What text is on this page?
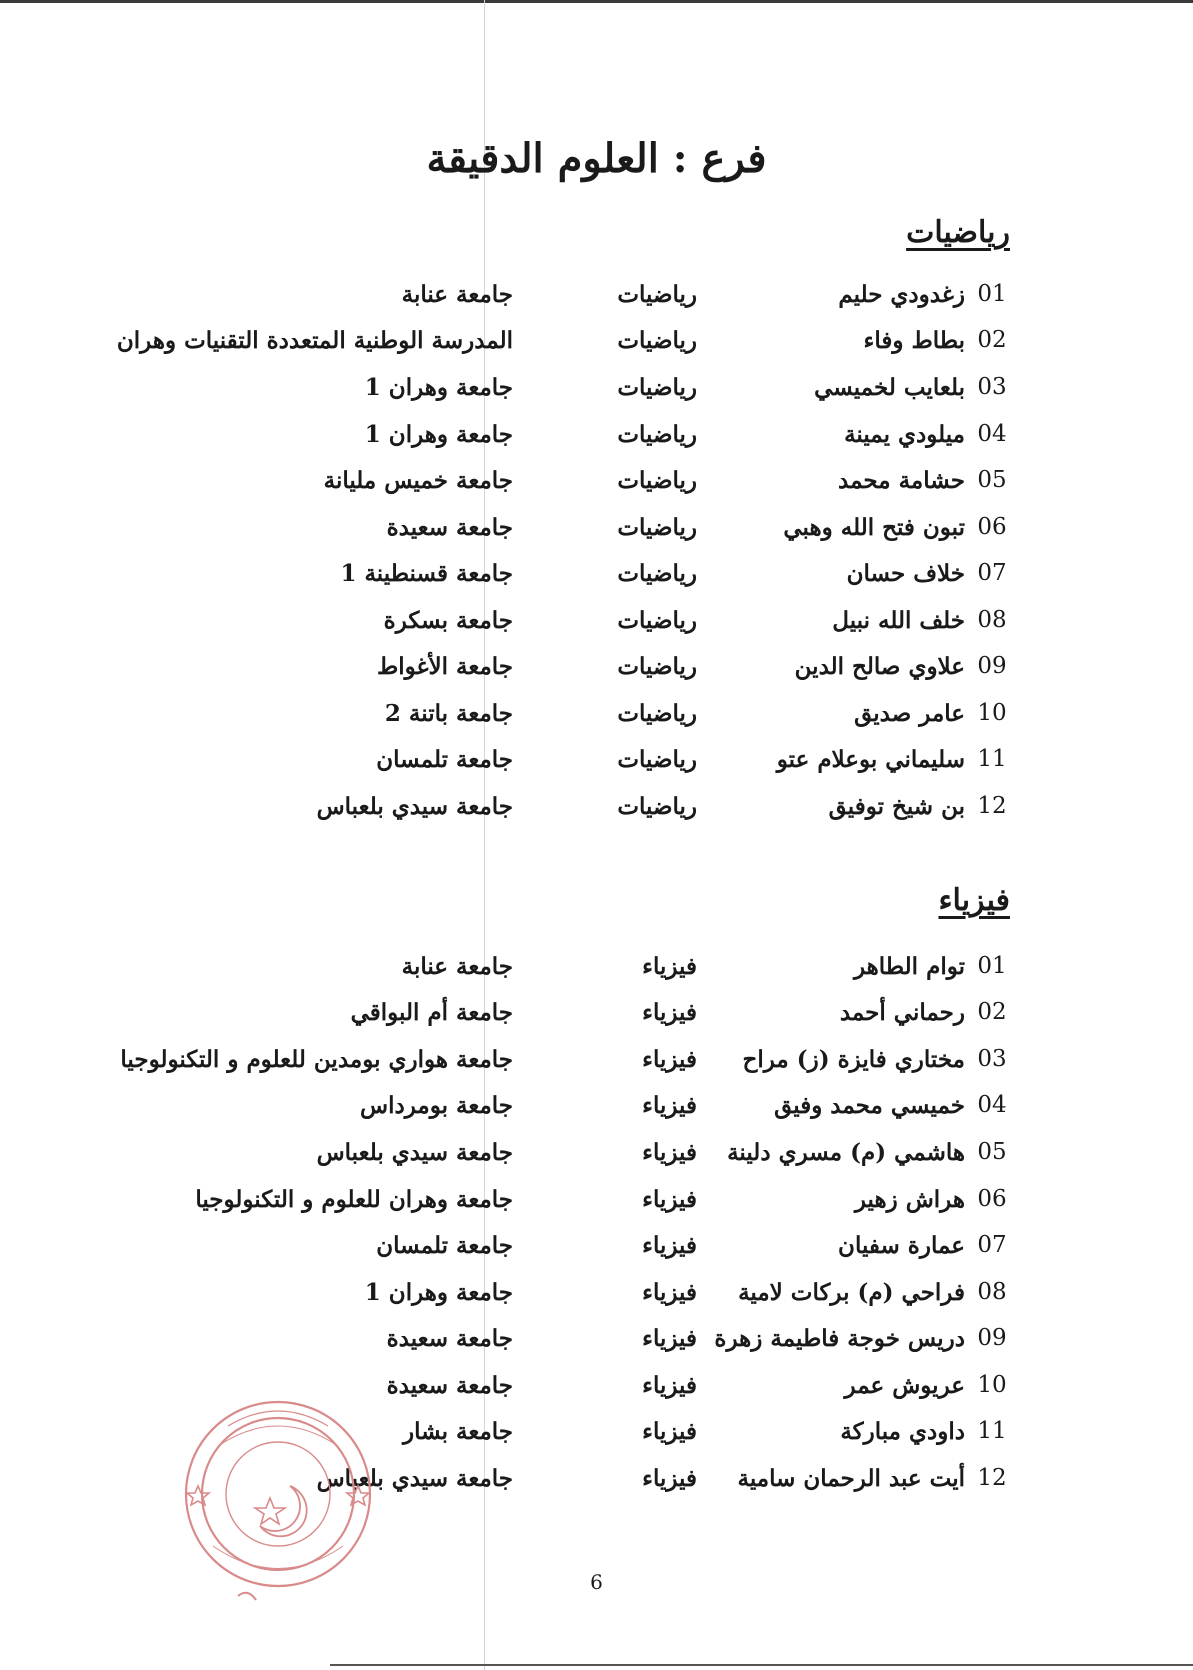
فرع : العلوم الدقيقة
رياضيات
01
زغدودي حليم
رياضيات
جامعة عنابة
02
بطاط وفاء
رياضيات
المدرسة الوطنية المتعددة التقنيات وهران
03
بلعايب لخميسي
رياضيات
جامعة وهران 1
04
ميلودي يمينة
رياضيات
جامعة وهران 1
05
حشامة محمد
رياضيات
جامعة خميس مليانة
06
تبون فتح الله وهبي
رياضيات
جامعة سعيدة
07
خلاف حسان
رياضيات
جامعة قسنطينة 1
08
خلف الله نبيل
رياضيات
جامعة بسكرة
09
علاوي صالح الدين
رياضيات
جامعة الأغواط
10
عامر صديق
رياضيات
جامعة باتنة 2
11
سليماني بوعلام عتو
رياضيات
جامعة تلمسان
12
بن شيخ توفيق
رياضيات
جامعة سيدي بلعباس
فيزياء
01
توام الطاهر
فيزياء
جامعة عنابة
02
رحماني أحمد
فيزياء
جامعة أم البواقي
03
مختاري فايزة (ز) مراح
فيزياء
جامعة هواري بومدين للعلوم و التكنولوجيا
04
خميسي محمد وفيق
فيزياء
جامعة بومرداس
05
هاشمي (م) مسري دلينة
فيزياء
جامعة سيدي بلعباس
06
هراش زهير
فيزياء
جامعة وهران للعلوم و التكنولوجيا
07
عمارة سفيان
فيزياء
جامعة تلمسان
08
فراحي (م) بركات لامية
فيزياء
جامعة وهران 1
09
دريس خوجة فاطيمة زهرة
فيزياء
جامعة سعيدة
10
عريوش عمر
فيزياء
جامعة سعيدة
11
داودي مباركة
فيزياء
جامعة بشار
12
أيت عبد الرحمان سامية
فيزياء
جامعة سيدي بلعباس
6
